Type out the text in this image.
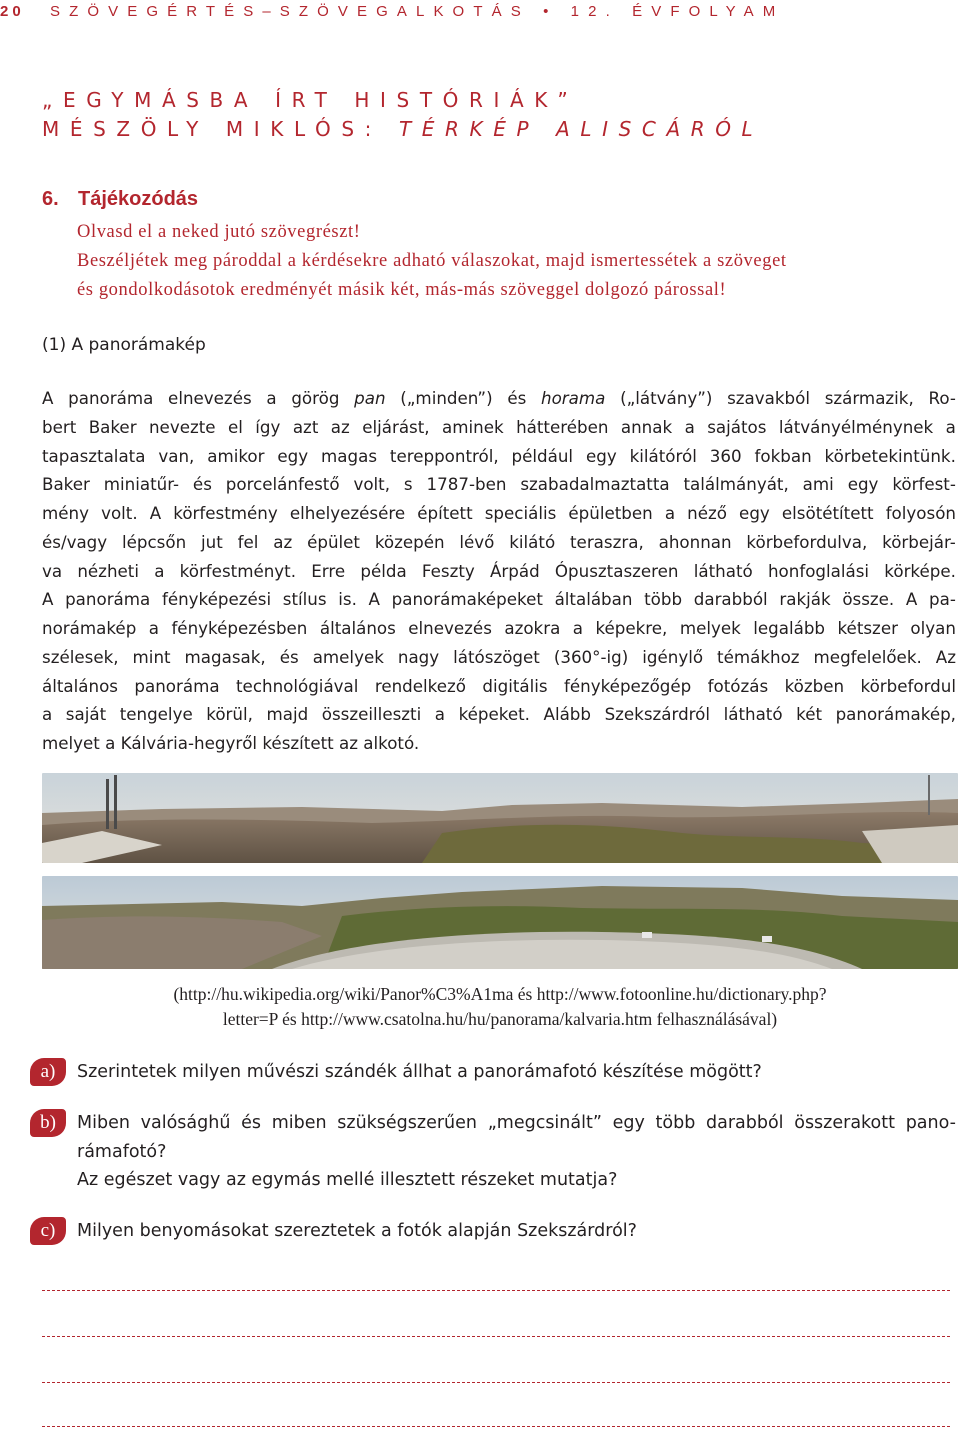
20 SZÖVEGÉRTÉS–SZÖVEGALKOTÁS • 12. ÉVFOLYAM
„EGYMÁSBA ÍRT HISTÓRIÁK”
MÉSZÖLY MIKLÓS: TÉRKÉP ALISCÁRÓL
6. Tájékozódás
Olvasd el a neked jutó szövegrészt!
Beszéljétek meg pároddal a kérdésekre adható válaszokat, majd ismertessétek a szöveget
és gondolkodásotok eredményét másik két, más-más szöveggel dolgozó párossal!
(1) A panorámakép
A panoráma elnevezés a görög pan („minden”) és horama („látvány”) szavakból származik, Ro-
bert Baker nevezte el így azt az eljárást, aminek hátterében annak a sajátos látványélménynek a
tapasztalata van, amikor egy magas tereppontról, például egy kilátóról 360 fokban körbetekintünk.
Baker miniatűr- és porcelánfestő volt, s 1787-ben szabadalmaztatta találmányát, ami egy körfest-
mény volt. A körfestmény elhelyezésére épített speciális épületben a néző egy elsötétített folyosón
és/vagy lépcsőn jut fel az épület közepén lévő kilátó teraszra, ahonnan körbefordulva, körbejár-
va nézheti a körfestményt. Erre példa Feszty Árpád Ópusztaszeren látható honfoglalási körképe.
A panoráma fényképezési stílus is. A panorámaképeket általában több darabból rakják össze. A pa-
norámakép a fényképezésben általános elnevezés azokra a képekre, melyek legalább kétszer olyan
szélesek, mint magasak, és amelyek nagy látószöget (360°-ig) igénylő témákhoz megfelelőek. Az
általános panoráma technológiával rendelkező digitális fényképezőgép fotózás közben körbefordul
a saját tengelye körül, majd összeilleszti a képeket. Alább Szekszárdról látható két panorámakép,
melyet a Kálvária-hegyről készített az alkotó.
(http://hu.wikipedia.org/wiki/Panor%C3%A1ma és http://www.fotoonline.hu/dictionary.php?
letter=P és http://www.csatolna.hu/hu/panorama/kalvaria.htm felhasználásával)
a)	Szerintetek milyen művészi szándék állhat a panorámafotó készítése mögött?
b)	Miben valósághű és miben szükségszerűen „megcsinált” egy több darabból összerakott pano-
rámafotó?
Az egészet vagy az egymás mellé illesztett részeket mutatja?
c)	Milyen benyomásokat szereztetek a fotók alapján Szekszárdról?
